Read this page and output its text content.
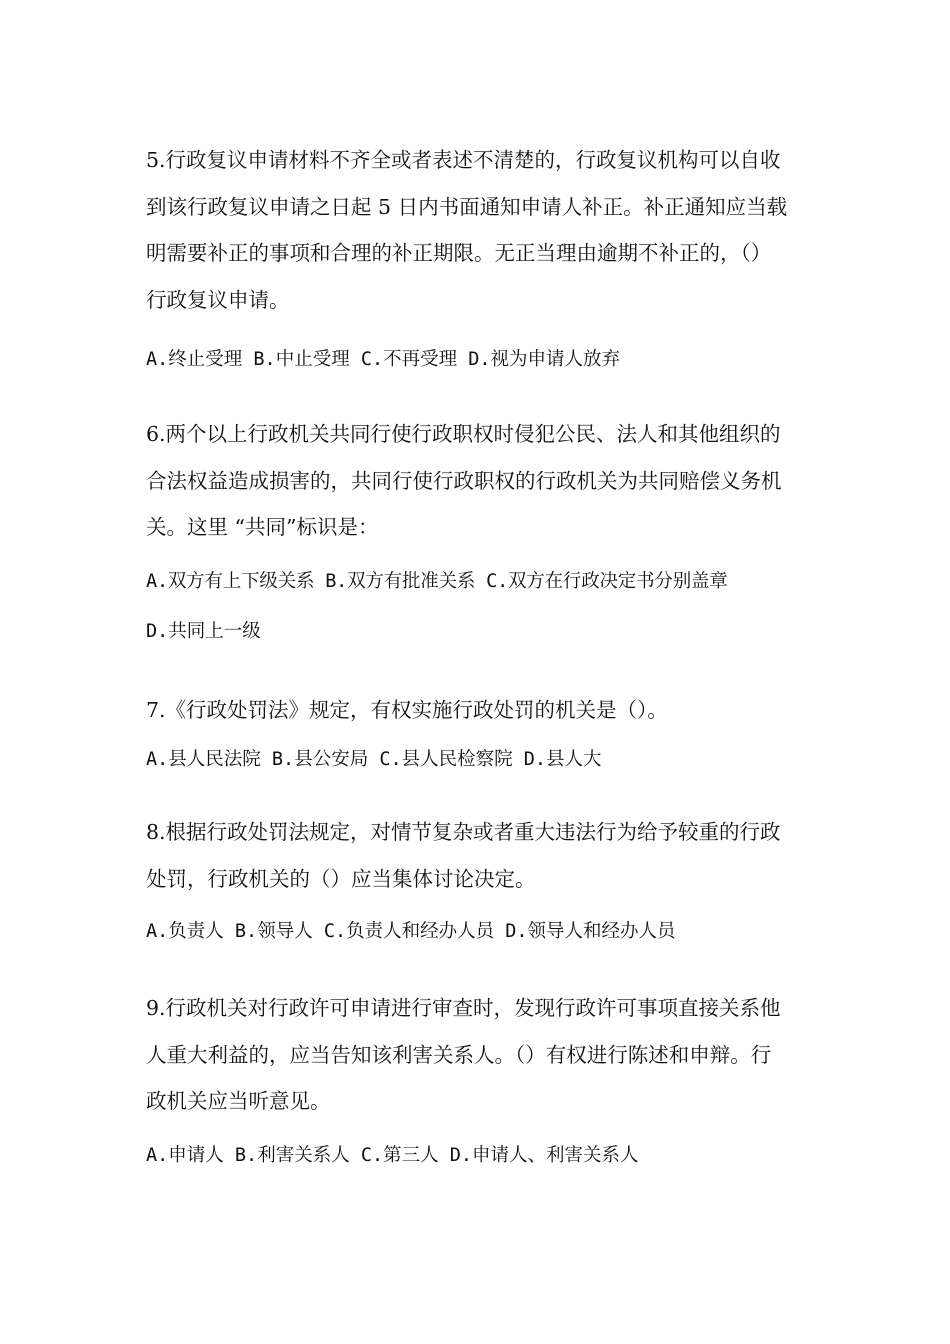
5.行政复议申请材料不齐全或者表述不清楚的，行政复议机构可以自收
到该行政复议申请之日起 5 日内书面通知申请人补正。补正通知应当载
明需要补正的事项和合理的补正期限。无正当理由逾期不补正的，（）
行政复议申请。
A.终止受理 B.中止受理 C.不再受理 D.视为申请人放弃
6.两个以上行政机关共同行使行政职权时侵犯公民、法人和其他组织的
合法权益造成损害的，共同行使行政职权的行政机关为共同赔偿义务机
关。这里 “共同”标识是：
A.双方有上下级关系 B.双方有批准关系 C.双方在行政决定书分别盖章
D.共同上一级
7.《行政处罚法》规定，有权实施行政处罚的机关是（）。
A.县人民法院 B.县公安局 C.县人民检察院 D.县人大
8.根据行政处罚法规定，对情节复杂或者重大违法行为给予较重的行政
处罚，行政机关的（）应当集体讨论决定。
A.负责人 B.领导人 C.负责人和经办人员 D.领导人和经办人员
9.行政机关对行政许可申请进行审查时，发现行政许可事项直接关系他
人重大利益的，应当告知该利害关系人。（）有权进行陈述和申辩。行
政机关应当听意见。
A.申请人 B.利害关系人 C.第三人 D.申请人、利害关系人
